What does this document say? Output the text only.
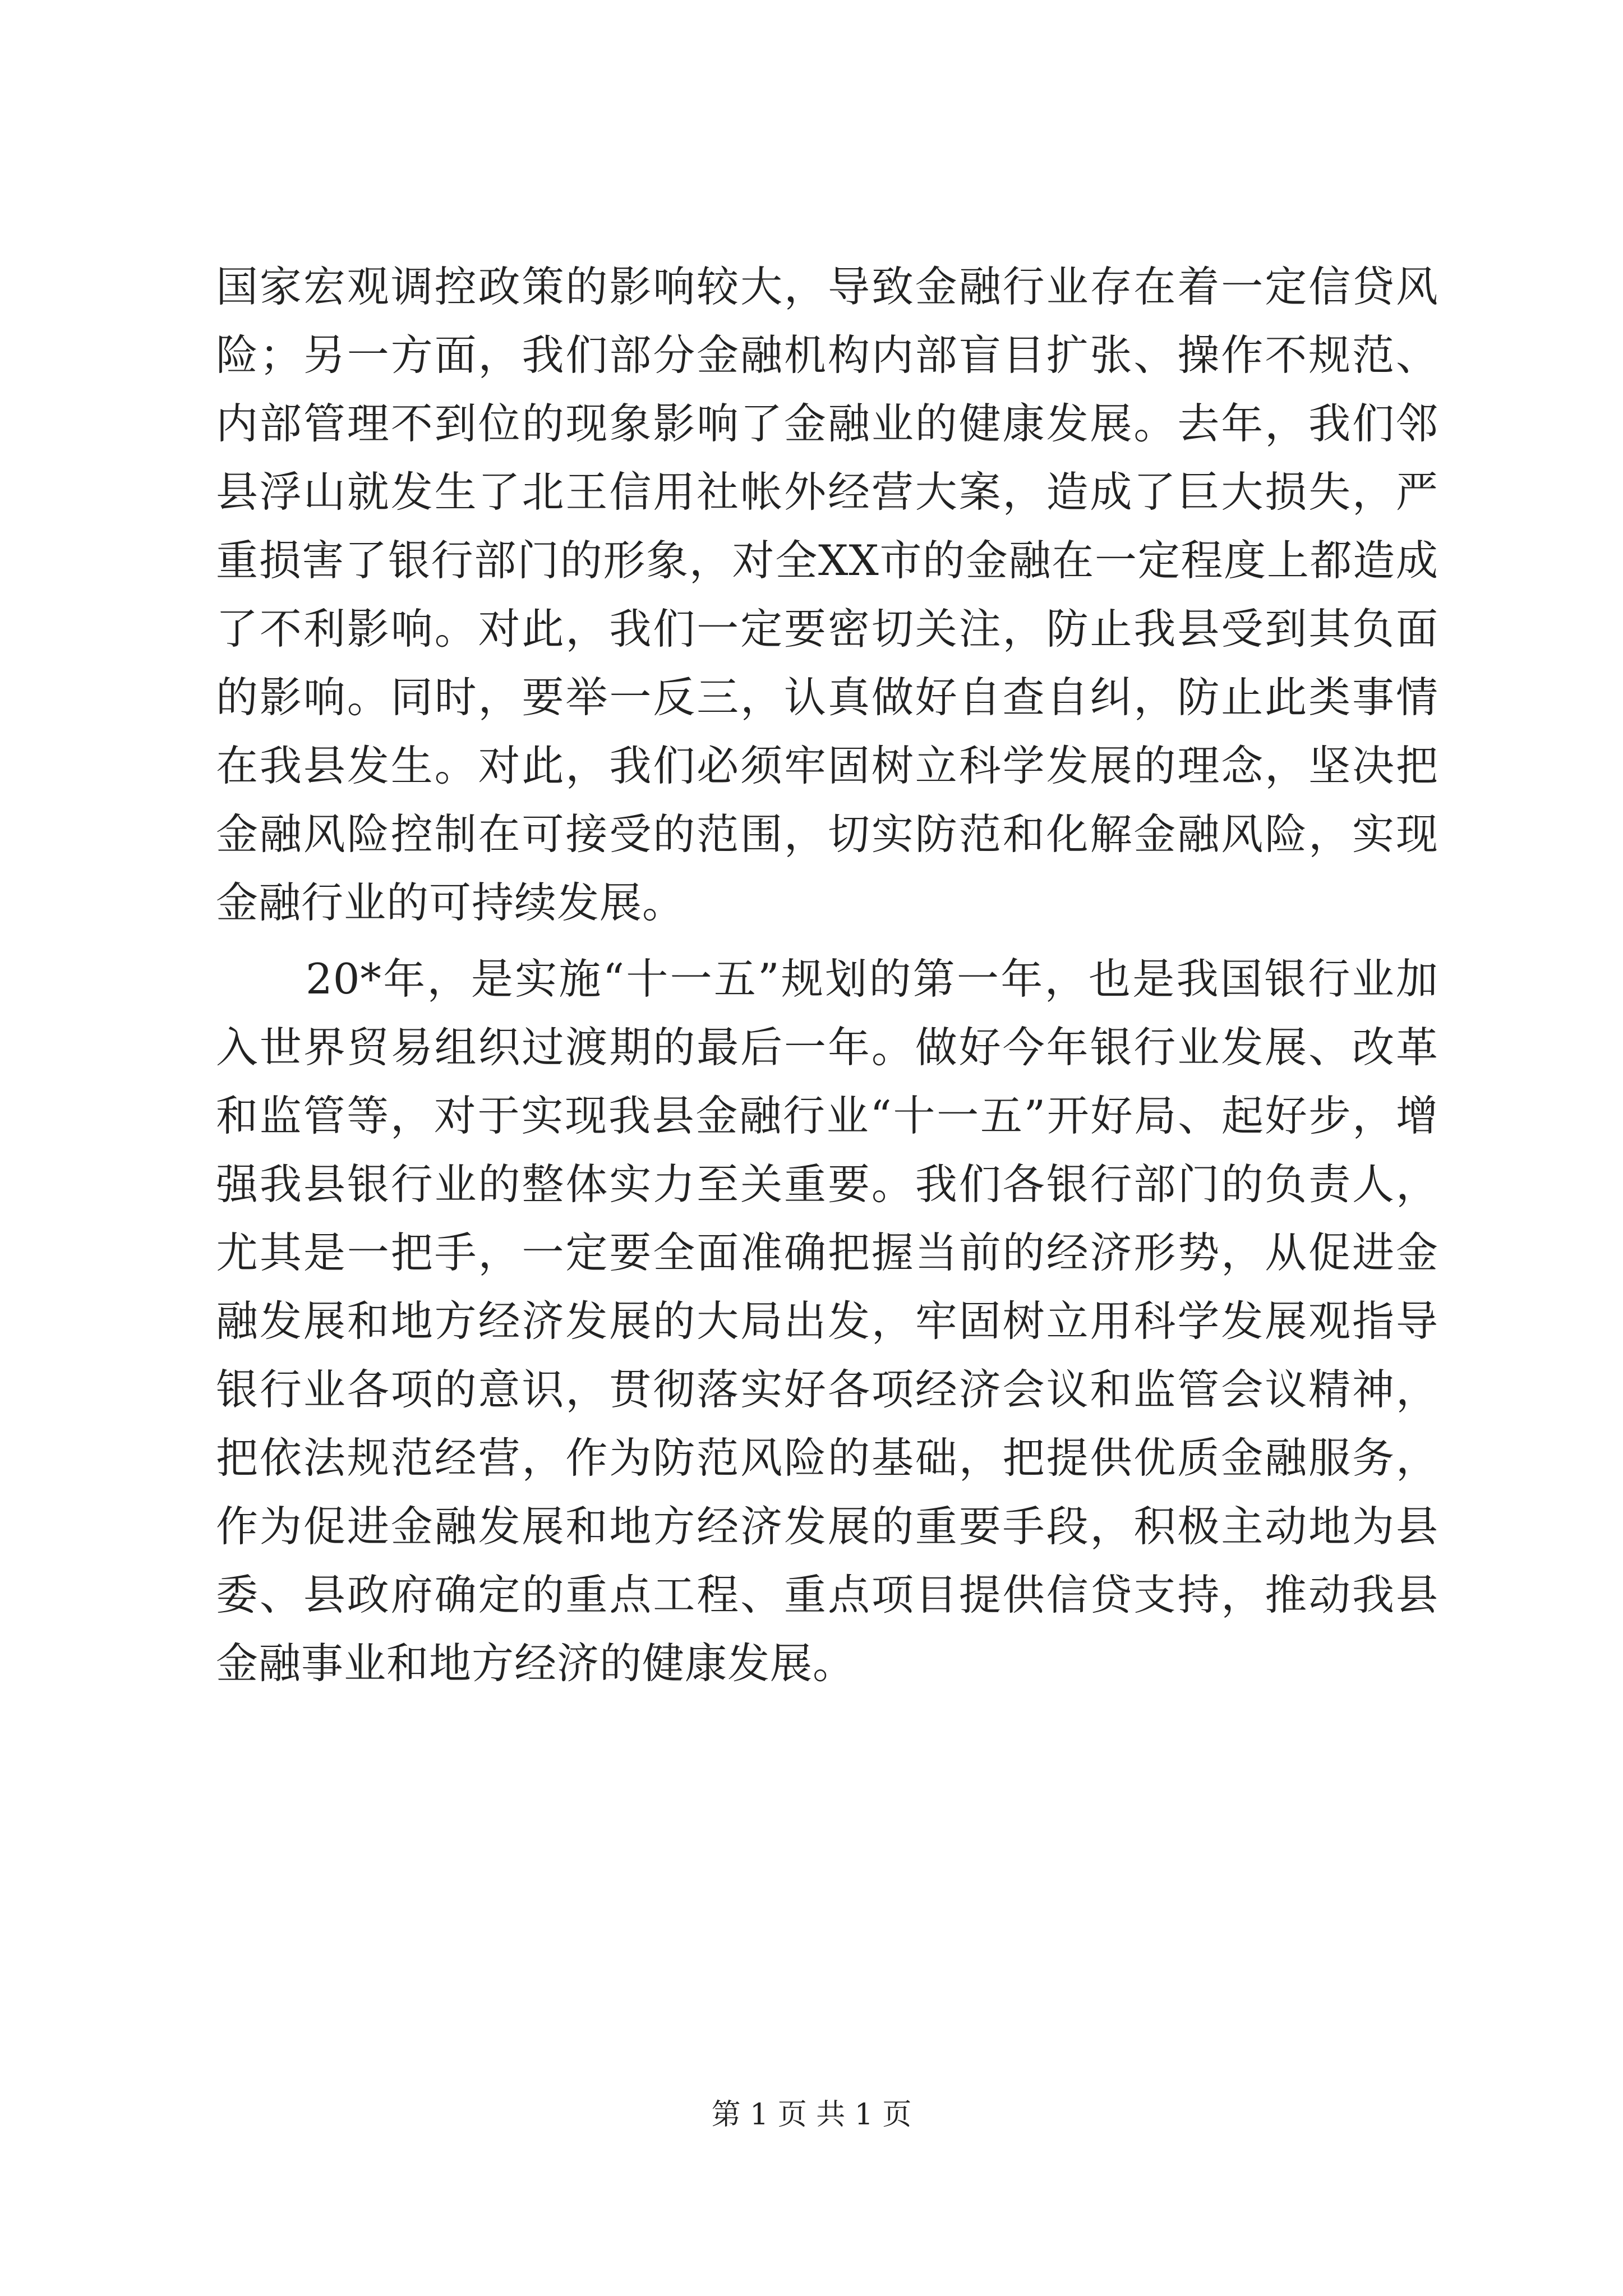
国家宏观调控政策的影响较大，导致金融行业存在着一定信贷风险；另一方面，我们部分金融机构内部盲目扩张、操作不规范、内部管理不到位的现象影响了金融业的健康发展。去年，我们邻县浮山就发生了北王信用社帐外经营大案，造成了巨大损失，严重损害了银行部门的形象，对全XX市的金融在一定程度上都造成了不利影响。对此，我们一定要密切关注，防止我县受到其负面的影响。同时，要举一反三，认真做好自查自纠，防止此类事情在我县发生。对此，我们必须牢固树立科学发展的理念，坚决把金融风险控制在可接受的范围，切实防范和化解金融风险，实现金融行业的可持续发展。

20*年，是实施“十一五”规划的第一年，也是我国银行业加入世界贸易组织过渡期的最后一年。做好今年银行业发展、改革和监管等，对于实现我县金融行业“十一五”开好局、起好步，增强我县银行业的整体实力至关重要。我们各银行部门的负责人，尤其是一把手，一定要全面准确把握当前的经济形势，从促进金融发展和地方经济发展的大局出发，牢固树立用科学发展观指导银行业各项的意识，贯彻落实好各项经济会议和监管会议精神，把依法规范经营，作为防范风险的基础，把提供优质金融服务，作为促进金融发展和地方经济发展的重要手段，积极主动地为县委、县政府确定的重点工程、重点项目提供信贷支持，推动我县金融事业和地方经济的健康发展。

第 1 页 共 1 页
